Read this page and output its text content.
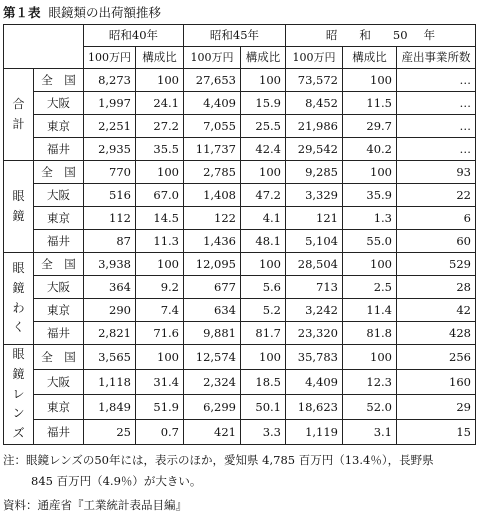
第１表 眼鏡類の出荷額推移
		昭和40年		昭和45年		昭 和 50 年		
		100万円	構成比	100万円	構成比	100万円	構成比	産出事業所数
合計	全　国	8,273	100	27,653	100	73,572	100	…
	大阪	1,997	24.1	4,409	15.9	8,452	11.5	…
	東京	2,251	27.2	7,055	25.5	21,986	29.7	…
	福井	2,935	35.5	11,737	42.4	29,542	40.2	…
眼鏡	全　国	770	100	2,785	100	9,285	100	93
	大阪	516	67.0	1,408	47.2	3,329	35.9	22
	東京	112	14.5	122	4.1	121	1.3	6
	福井	87	11.3	1,436	48.1	5,104	55.0	60
眼鏡わく	全　国	3,938	100	12,095	100	28,504	100	529
	大阪	364	9.2	677	5.6	713	2.5	28
	東京	290	7.4	634	5.2	3,242	11.4	42
	福井	2,821	71.6	9,881	81.7	23,320	81.8	428
眼鏡レンズ	全　国	3,565	100	12,574	100	35,783	100	256
	大阪	1,118	31.4	2,324	18.5	4,409	12.3	160
	東京	1,849	51.9	6,299	50.1	18,623	52.0	29
	福井	25	0.7	421	3.3	1,119	3.1	15
注：眼鏡レンズの50年には，表示のほか，愛知県 4,785 百万円（13.4％），長野県
845 百万円（4.9％）が大きい。
資料：通産省『工業統計表品目編』
